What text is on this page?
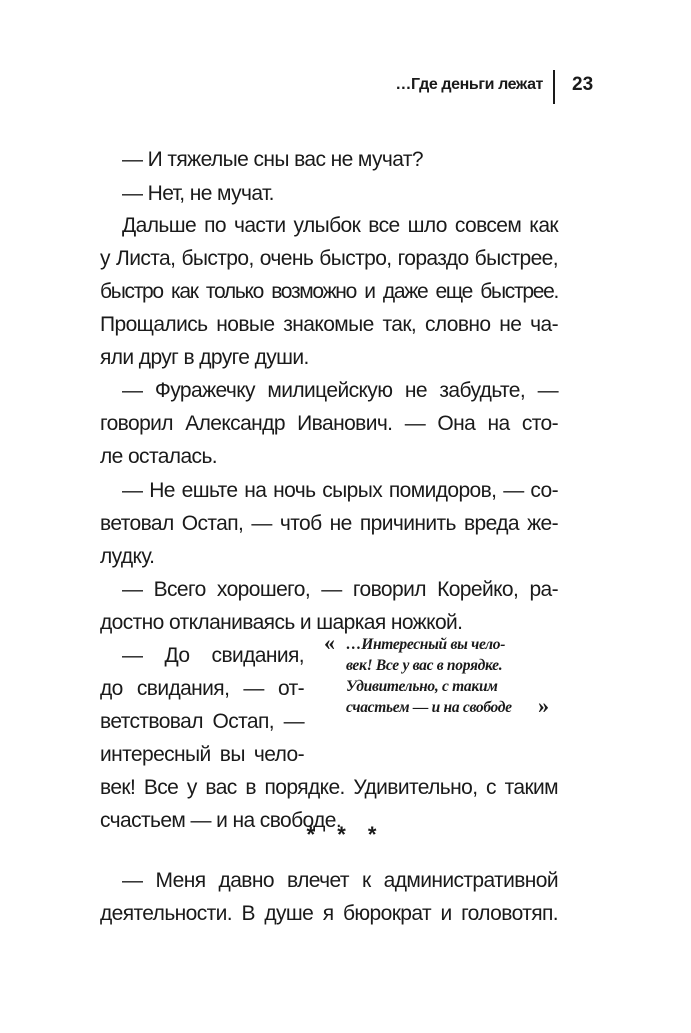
…Где деньги лежат 23
— И тяжелые сны вас не мучат?
— Нет, не мучат.
Дальше по части улыбок все шло совсем как
у Листа, быстро, очень быстро, гораздо быстрее,
быстро как только возможно и даже еще быстрее.
Прощались новые знакомые так, словно не ча-
яли друг в друге души.
— Фуражечку милицейскую не забудьте, —
говорил Александр Иванович. — Она на сто-
ле осталась.
— Не ешьте на ночь сырых помидоров, — со-
ветовал Остап, — чтоб не причинить вреда же-
лудку.
— Всего хорошего, — говорил Корейко, ра-
достно откланиваясь и шаркая ножкой.
— До свидания,
до свидания, — от-
ветствовал Остап, —
интересный вы чело-
век! Все у вас в порядке. Удивительно, с таким
счастьем — и на свободе.
— Меня давно влечет к административной
деятельности. В душе я бюрократ и головотяп.
* * *
« …Интересный вы чело-
век! Все у вас в порядке.
Удивительно, с таким
счастьем — и на свободе »
